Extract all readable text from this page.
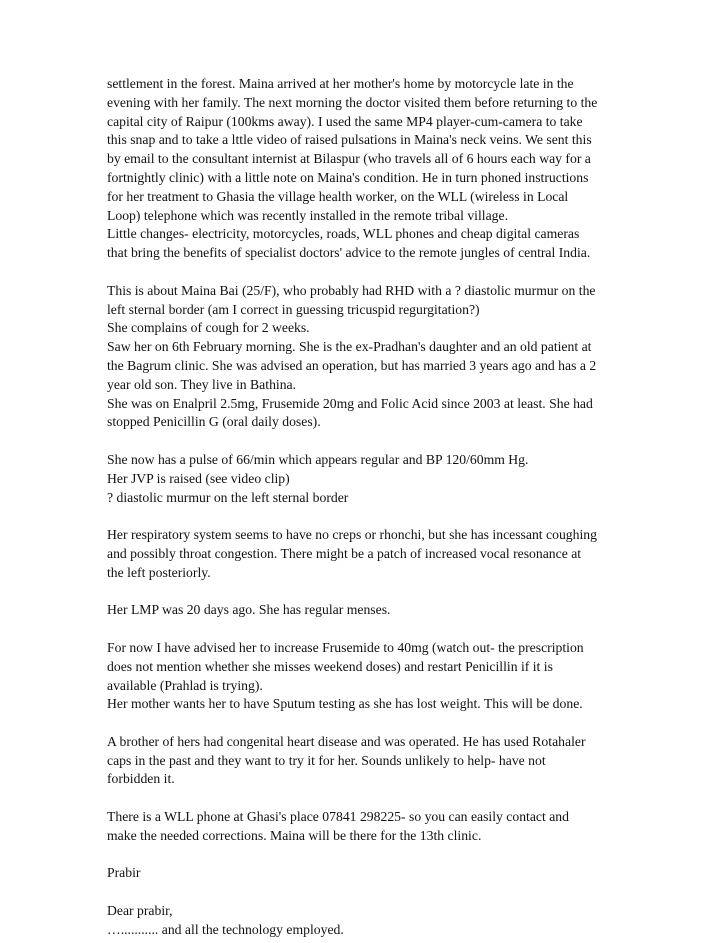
settlement in the forest. Maina arrived at her mother's home by motorcycle late in the
evening with her family. The next morning the doctor visited them before returning to the
capital city of Raipur (100kms away). I used the same MP4 player-cum-camera to take
this snap and to take a lttle video of raised pulsations in Maina's neck veins. We sent this
by email to the consultant internist at Bilaspur (who travels all of 6 hours each way for a
fortnightly clinic) with a little note on Maina's condition. He in turn phoned instructions
for her treatment to Ghasia the village health worker, on the WLL (wireless in Local
Loop) telephone which was recently installed in the remote tribal village.
Little changes- electricity, motorcycles, roads, WLL phones and cheap digital cameras
that bring the benefits of specialist doctors' advice to the remote jungles of central India.
This is about Maina Bai (25/F), who probably had RHD with a ? diastolic murmur on the
left sternal border (am I correct in guessing tricuspid regurgitation?)
She complains of cough for 2 weeks.
Saw her on 6th February morning. She is the ex-Pradhan's daughter and an old patient at
the Bagrum clinic. She was advised an operation, but has married 3 years ago and has a 2
year old son. They live in Bathina.
She was on Enalpril 2.5mg, Frusemide 20mg and Folic Acid since 2003 at least. She had
stopped Penicillin G (oral daily doses).
She now has a pulse of 66/min which appears regular and BP 120/60mm Hg.
Her JVP is raised (see video clip)
? diastolic murmur on the left sternal border
Her respiratory system seems to have no creps or rhonchi, but she has incessant coughing
and possibly throat congestion. There might be a patch of increased vocal resonance at
the left posteriorly.
Her LMP was 20 days ago. She has regular menses.
For now I have advised her to increase Frusemide to 40mg (watch out- the prescription
does not mention whether she misses weekend doses) and restart Penicillin if it is
available (Prahlad is trying).
Her mother wants her to have Sputum testing as she has lost weight. This will be done.
A brother of hers had congenital heart disease and was operated. He has used Rotahaler
caps in the past and they want to try it for her. Sounds unlikely to help- have not
forbidden it.
There is a WLL phone at Ghasi's place 07841 298225- so you can easily contact and
make the needed corrections. Maina will be there for the 13th clinic.
Prabir
Dear prabir,
…........... and all the technology employed.
